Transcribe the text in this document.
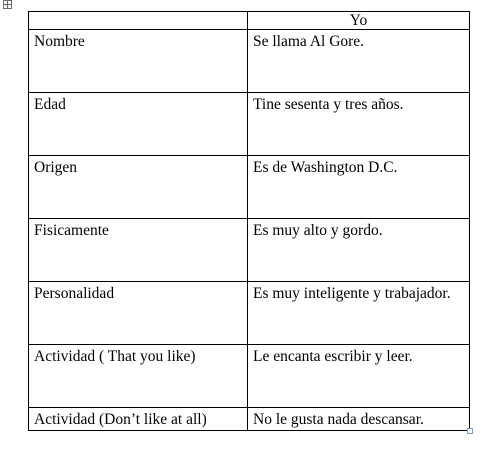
	Yo
Nombre	Se llama Al Gore.
Edad	Tine sesenta y tres años.
Origen	Es de Washington D.C.
Fisicamente	Es muy alto y gordo.
Personalidad	Es muy inteligente y trabajador.
Actividad ( That you like)	Le encanta escribir y leer.
Actividad (Don’t like at all)	No le gusta nada descansar.
